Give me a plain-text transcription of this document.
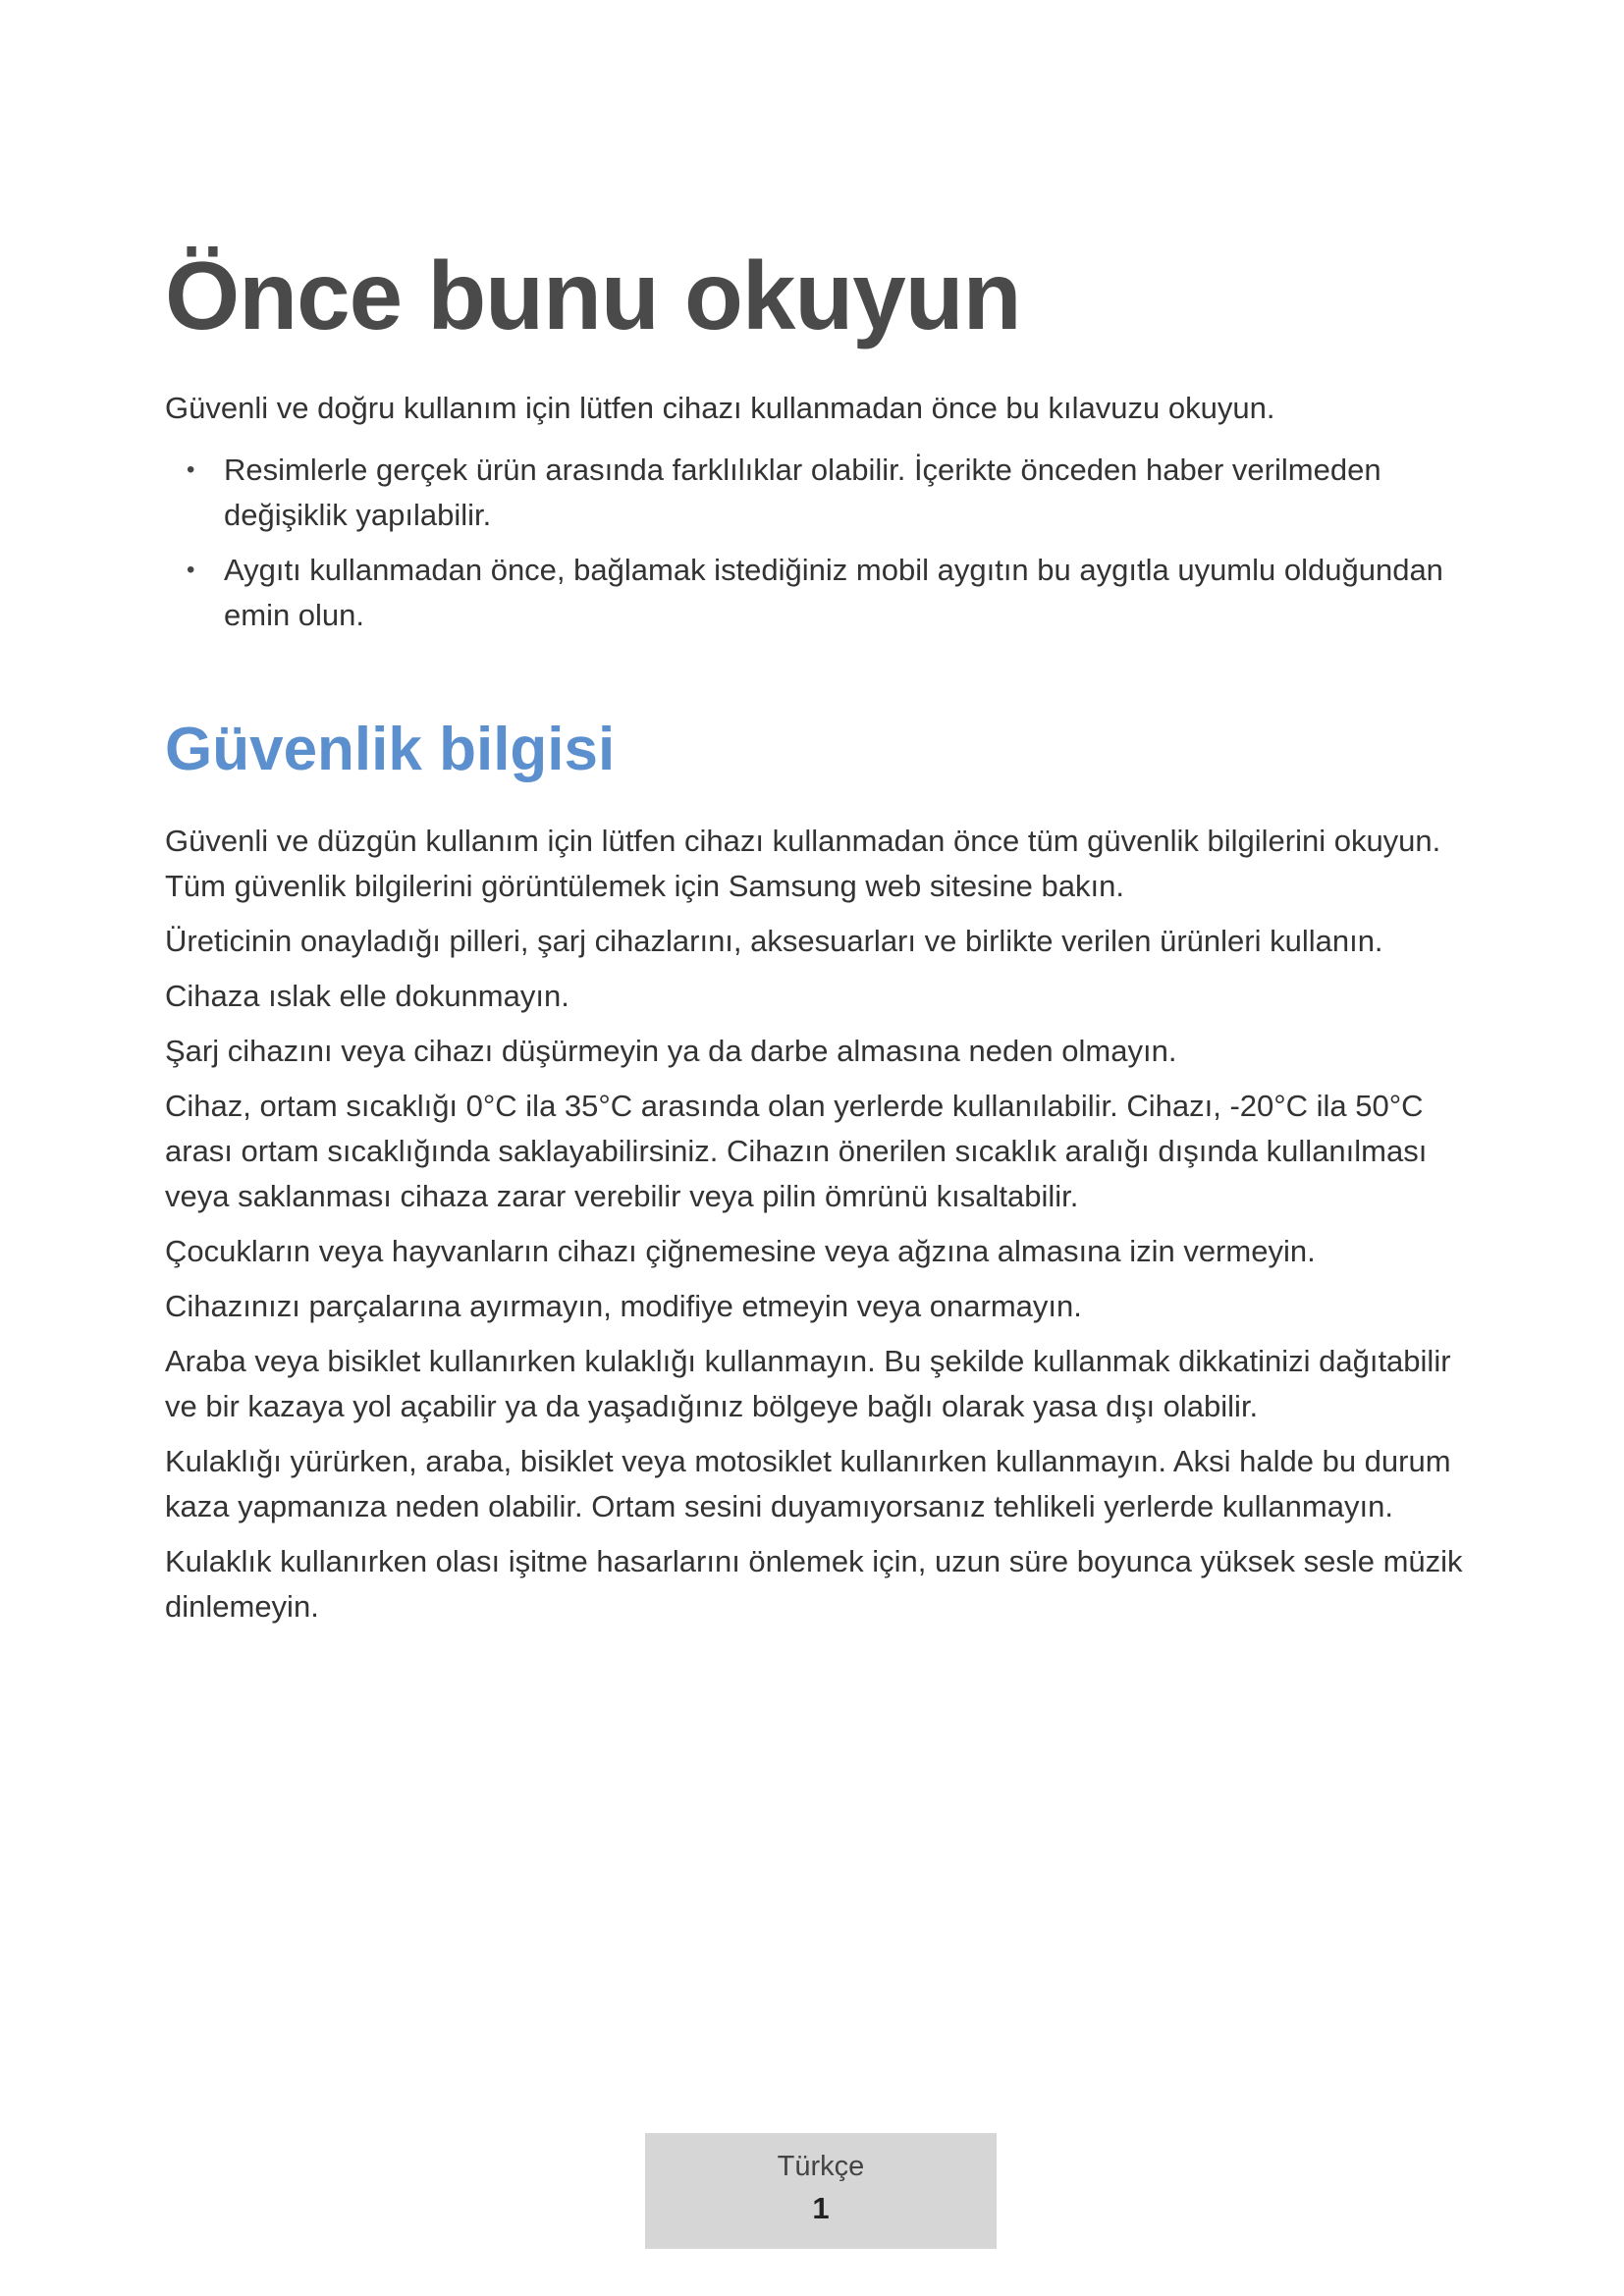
Önce bunu okuyun

Güvenli ve doğru kullanım için lütfen cihazı kullanmadan önce bu kılavuzu okuyun.

• Resimlerle gerçek ürün arasında farklılıklar olabilir. İçerikte önceden haber verilmeden değişiklik yapılabilir.
• Aygıtı kullanmadan önce, bağlamak istediğiniz mobil aygıtın bu aygıtla uyumlu olduğundan emin olun.
Güvenlik bilgisi

Güvenli ve düzgün kullanım için lütfen cihazı kullanmadan önce tüm güvenlik bilgilerini okuyun. Tüm güvenlik bilgilerini görüntülemek için Samsung web sitesine bakın.

Üreticinin onayladığı pilleri, şarj cihazlarını, aksesuarları ve birlikte verilen ürünleri kullanın.

Cihaza ıslak elle dokunmayın.

Şarj cihazını veya cihazı düşürmeyin ya da darbe almasına neden olmayın.

Cihaz, ortam sıcaklığı 0°C ila 35°C arasında olan yerlerde kullanılabilir. Cihazı, -20°C ila 50°C arası ortam sıcaklığında saklayabilirsiniz. Cihazın önerilen sıcaklık aralığı dışında kullanılması veya saklanması cihaza zarar verebilir veya pilin ömrünü kısaltabilir.

Çocukların veya hayvanların cihazı çiğnemesine veya ağzına almasına izin vermeyin.

Cihazınızı parçalarına ayırmayın, modifiye etmeyin veya onarmayın.

Araba veya bisiklet kullanırken kulaklığı kullanmayın. Bu şekilde kullanmak dikkatinizi dağıtabilir ve bir kazaya yol açabilir ya da yaşadığınız bölgeye bağlı olarak yasa dışı olabilir.

Kulaklığı yürürken, araba, bisiklet veya motosiklet kullanırken kullanmayın. Aksi halde bu durum kaza yapmanıza neden olabilir. Ortam sesini duyamıyorsanız tehlikeli yerlerde kullanmayın.

Kulaklık kullanırken olası işitme hasarlarını önlemek için, uzun süre boyunca yüksek sesle müzik dinlemeyin.

Türkçe
1
